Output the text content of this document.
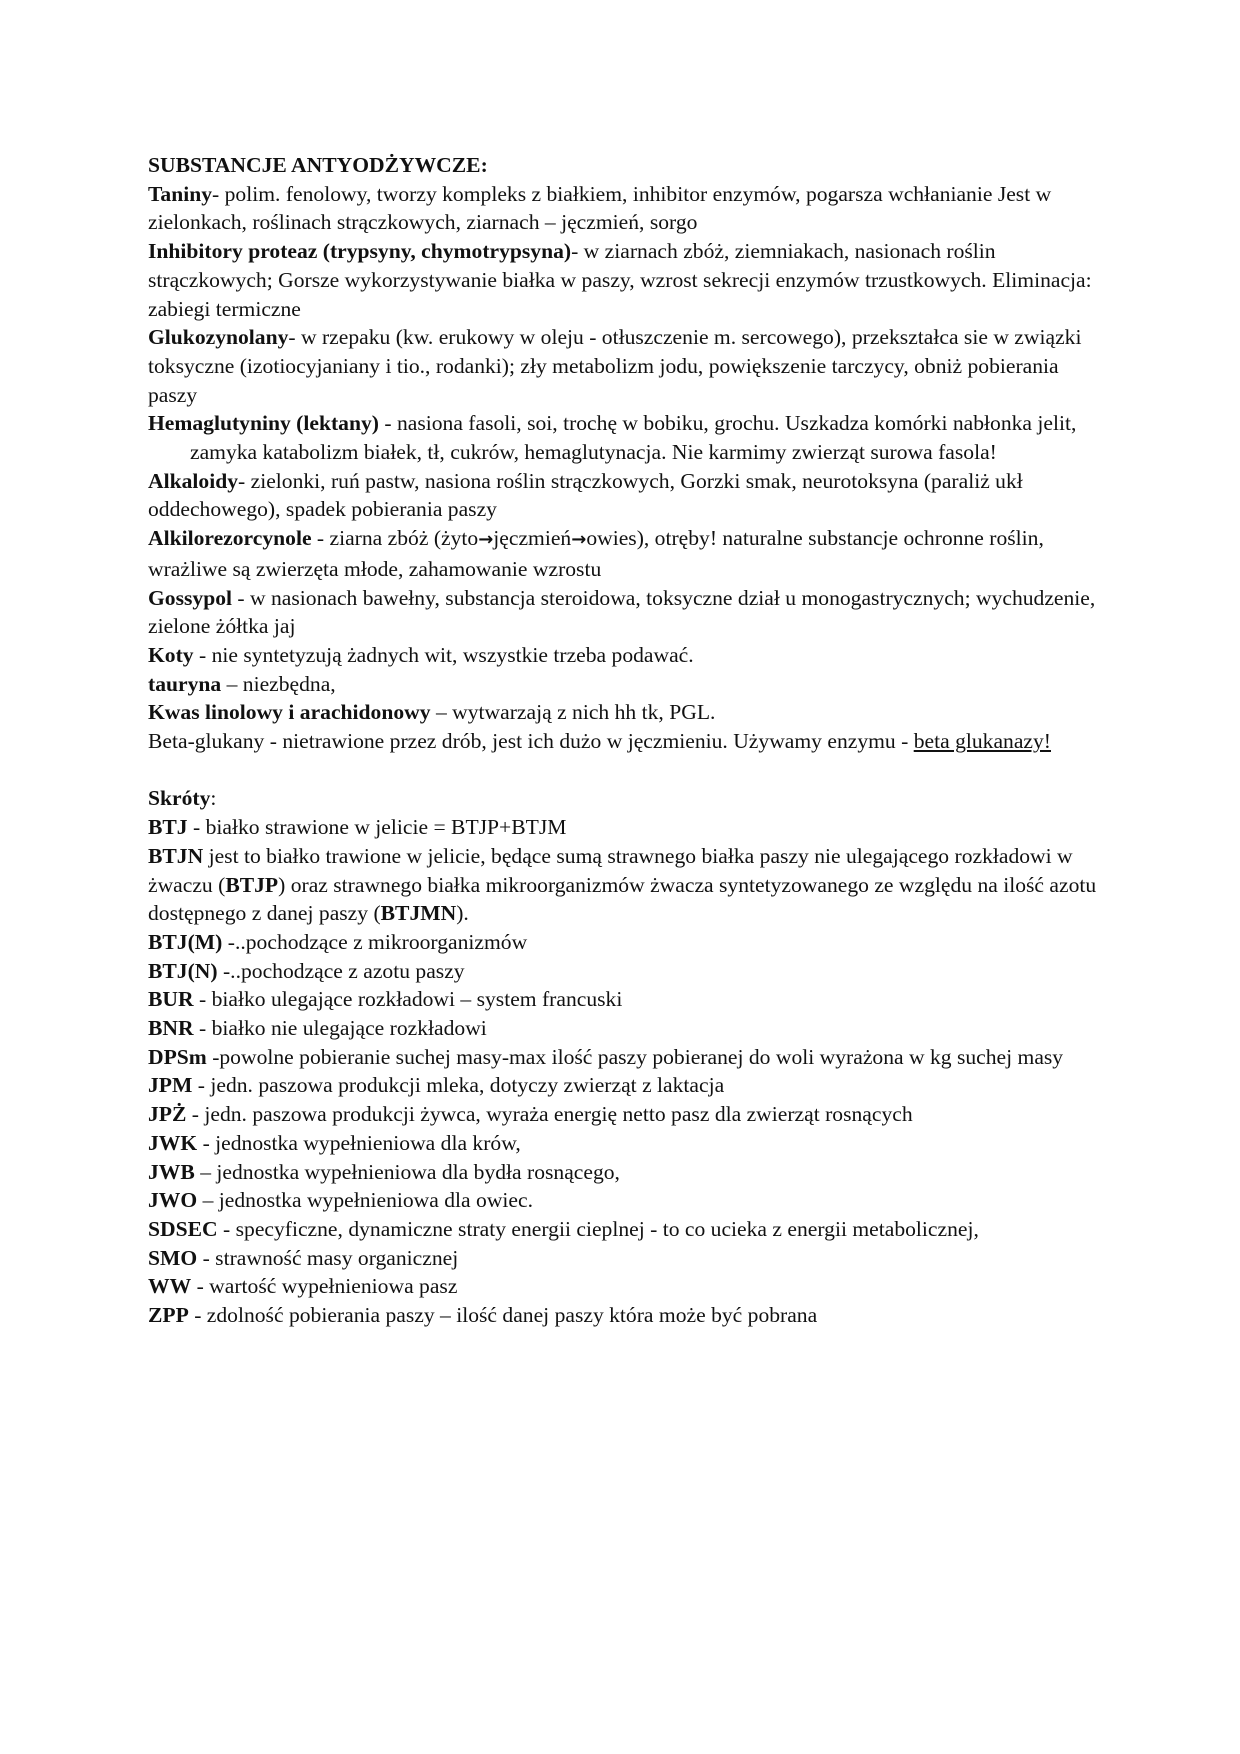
SUBSTANCJE ANTYODŻYWCZE:

Taniny- polim. fenolowy, tworzy kompleks z białkiem, inhibitor enzymów, pogarsza wchłanianie Jest w zielonkach, roślinach strączkowych, ziarnach – jęczmień, sorgo

Inhibitory proteaz (trypsyny, chymotrypsyna)- w ziarnach zbóż, ziemniakach, nasionach roślin strączkowych; Gorsze wykorzystywanie białka w paszy, wzrost sekrecji enzymów trzustkowych. Eliminacja: zabiegi termiczne

Glukozynolany- w rzepaku (kw. erukowy w oleju - otłuszczenie m. sercowego), przekształca sie w związki toksyczne (izotiocyjaniany i tio., rodanki); zły metabolizm jodu, powiększenie tarczycy, obniż pobierania paszy

Hemaglutyniny (lektany) - nasiona fasoli, soi, trochę w bobiku, grochu. Uszkadza komórki nabłonka jelit, zamyka katabolizm białek, tł, cukrów, hemaglutynacja. Nie karmimy zwierząt surowa fasola!

Alkaloidy- zielonki, ruń pastw, nasiona roślin strączkowych, Gorzki smak, neurotoksyna (paraliż ukł oddechowego), spadek pobierania paszy

Alkilorezorcynole - ziarna zbóż (żyto→jęczmień→owies), otręby! naturalne substancje ochronne roślin, wrażliwe są zwierzęta młode, zahamowanie wzrostu

Gossypol - w nasionach bawełny, substancja steroidowa, toksyczne dział u monogastrycznych; wychudzenie, zielone żółtka jaj

Koty - nie syntetyzują żadnych wit, wszystkie trzeba podawać.

tauryna – niezbędna,

Kwas linolowy i arachidonowy – wytwarzają z nich hh tk, PGL.

Beta-glukany - nietrawione przez drób, jest ich dużo w jęczmieniu. Używamy enzymu - beta glukanazy!

Skróty:

BTJ - białko strawione w jelicie = BTJP+BTJM

BTJN jest to białko trawione w jelicie, będące sumą strawnego białka paszy nie ulegającego rozkładowi w żwaczu (BTJP) oraz strawnego białka mikroorganizmów żwacza syntetyzowanego ze względu na ilość azotu dostępnego z danej paszy (BTJMN).

BTJ(M) -..pochodzące z mikroorganizmów

BTJ(N) -..pochodzące z azotu paszy

BUR - białko ulegające rozkładowi – system francuski

BNR - białko nie ulegające rozkładowi

DPSm -powolne pobieranie suchej masy-max ilość paszy pobieranej do woli wyrażona w kg suchej masy

JPM - jedn. paszowa produkcji mleka, dotyczy zwierząt z laktacja

JPŻ - jedn. paszowa produkcji żywca, wyraża energię netto pasz dla zwierząt rosnących

JWK - jednostka wypełnieniowa dla krów,

JWB – jednostka wypełnieniowa dla bydła rosnącego,

JWO – jednostka wypełnieniowa dla owiec.

SDSEC - specyficzne, dynamiczne straty energii cieplnej - to co ucieka z energii metabolicznej,

SMO - strawność masy organicznej

WW - wartość wypełnieniowa pasz

ZPP - zdolność pobierania paszy – ilość danej paszy która może być pobrana
